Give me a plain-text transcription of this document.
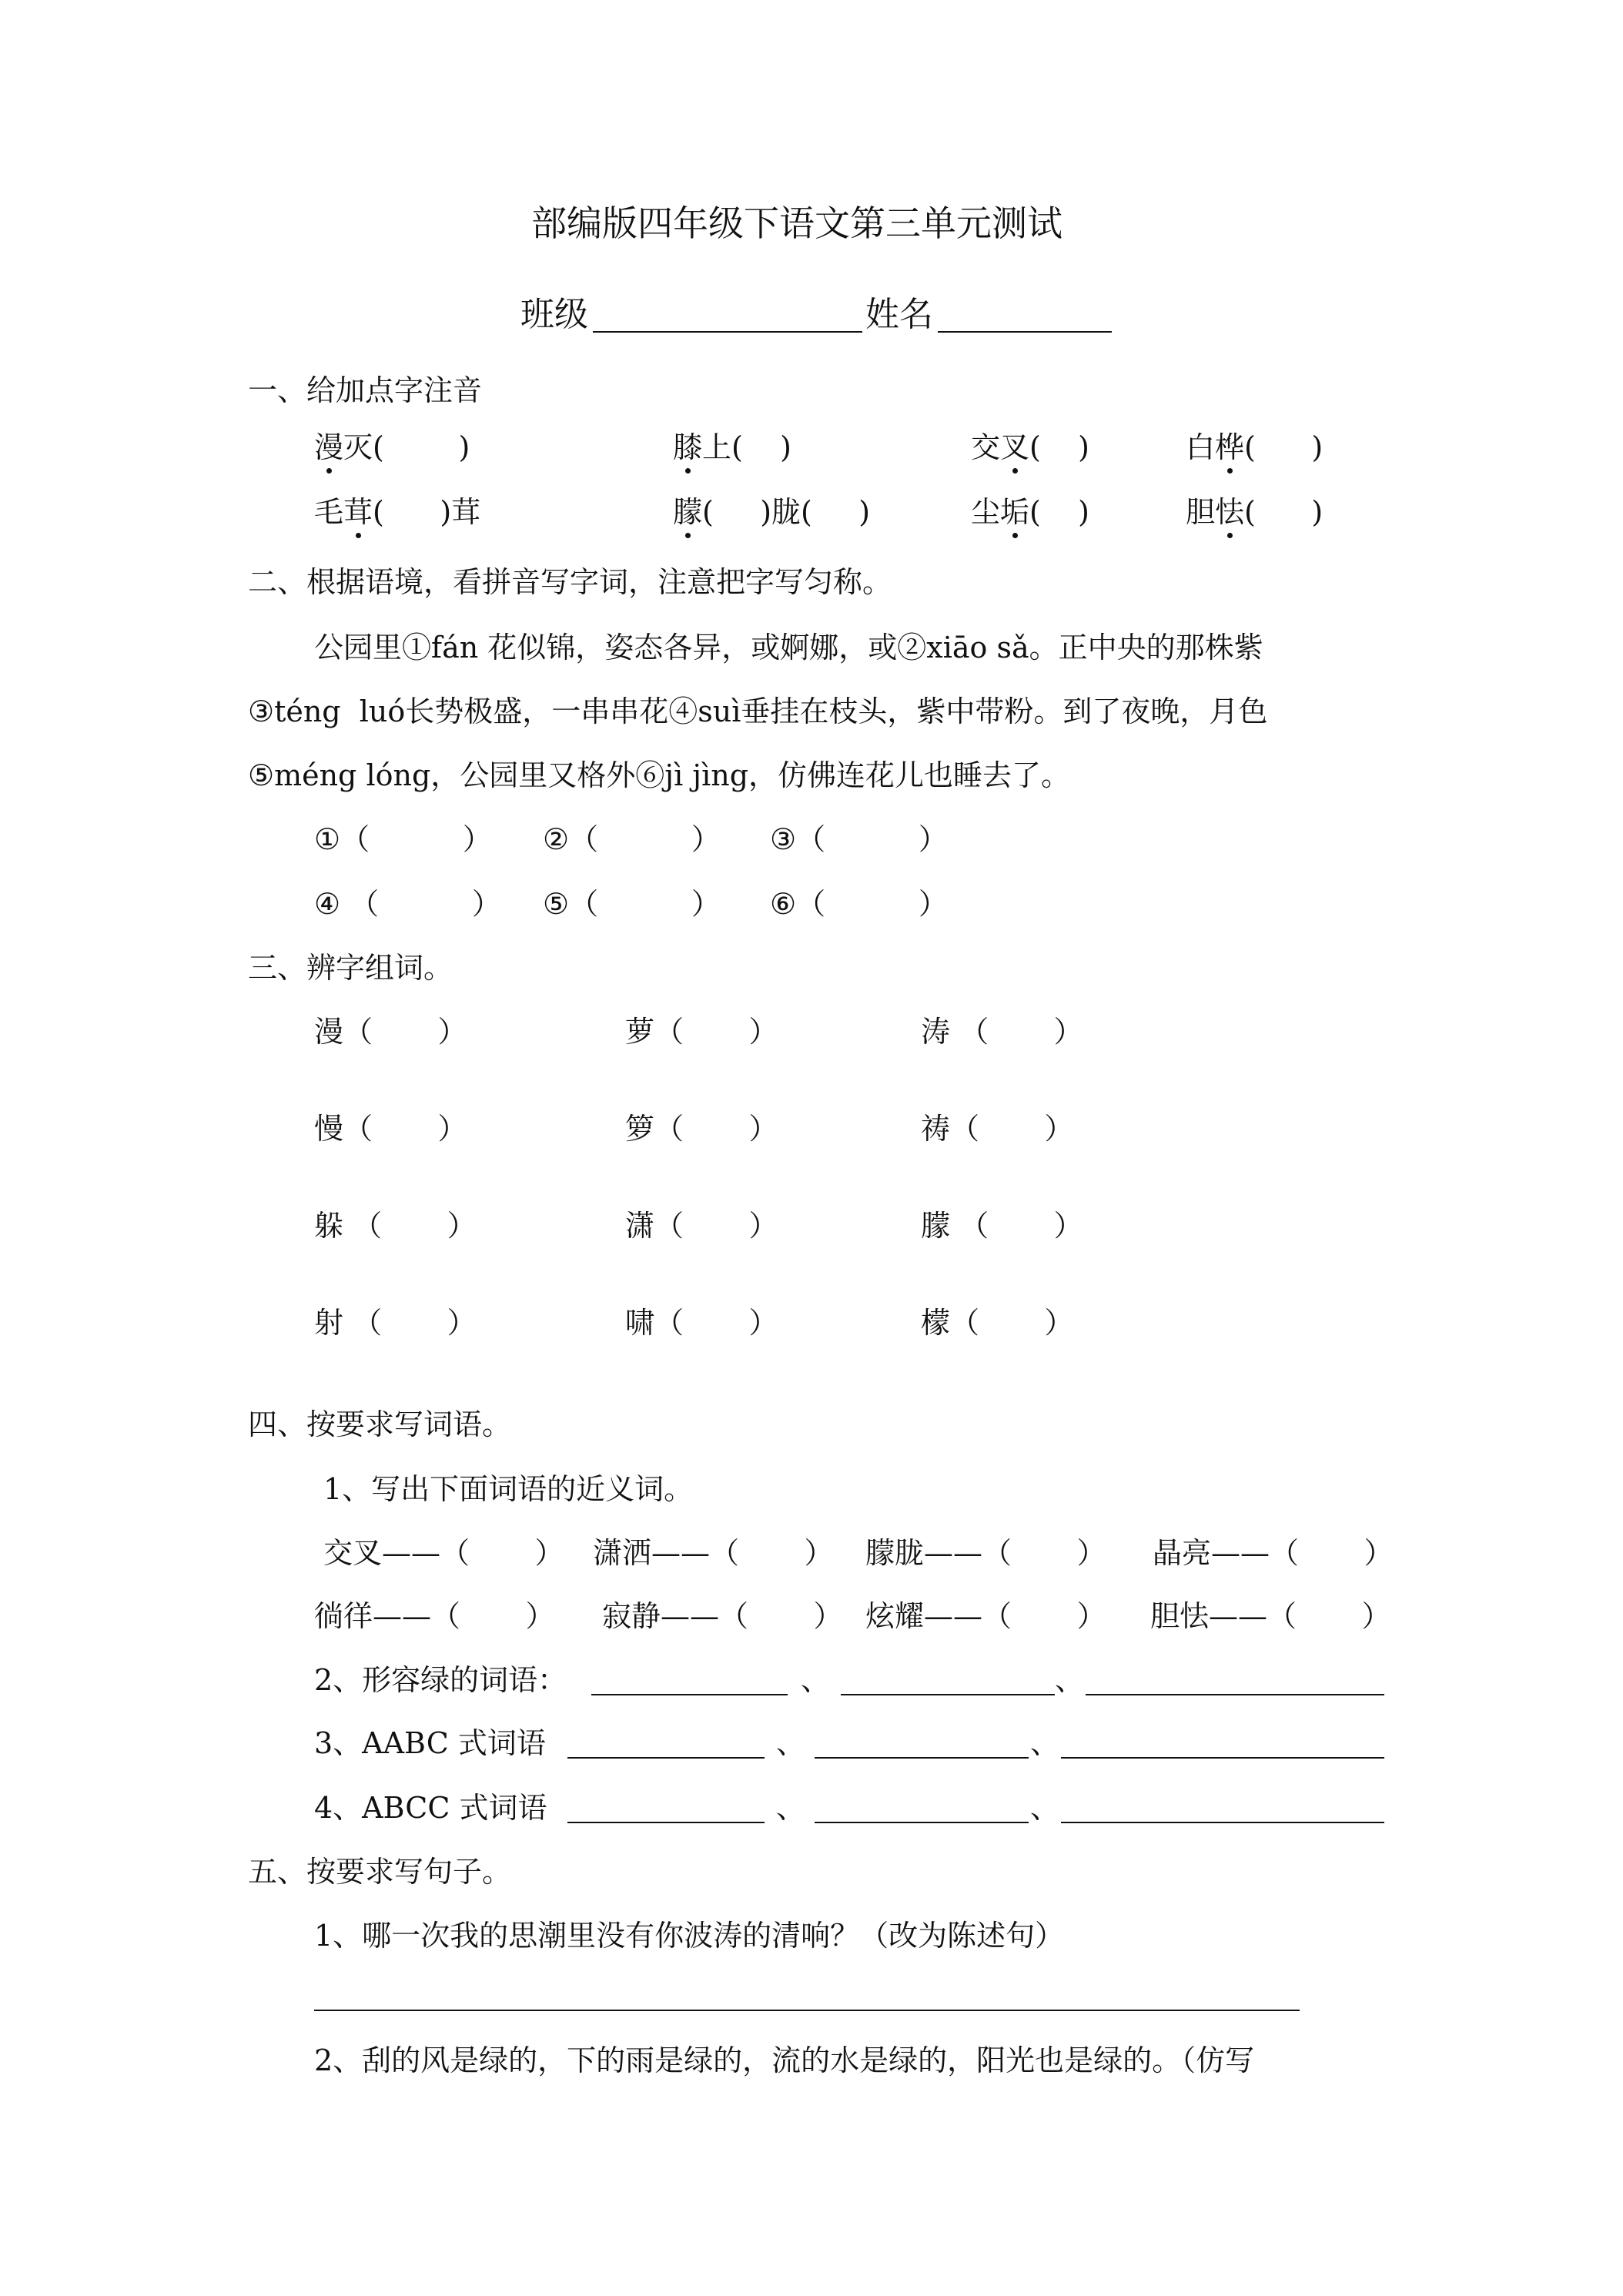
部编版四年级下语文第三单元测试
班级	姓名
一、给加点字注音
漫灭(        )	膝上(    )	交叉(    )	白桦(      )
毛茸(      )茸	朦(     )胧(     )	尘垢(    )	胆怯(      )
二、根据语境，看拼音写字词，注意把字写匀称。
公园里①fán 花似锦，姿态各异，或婀娜，或②xiāo sǎ。正中央的那株紫
③téng  luó长势极盛，一串串花④suì垂挂在枝头，紫中带粉。到了夜晚，月色
⑤méng lóng，公园里又格外⑥jì jìng，仿佛连花儿也睡去了。
①（          ） ②（          ） ③（          ）
④ （          ） ⑤（          ） ⑥（          ）
三、辨字组词。
漫（       ）	萝（       ）	涛 （       ）
慢（       ）	箩（       ）	祷（       ）
躲 （       ）	潇（       ）	朦 （       ）
射 （       ）	啸（       ）	檬（       ）
四、按要求写词语。
1、写出下面词语的近义词。
交叉——（       ） 潇洒——（       ） 朦胧——（       ） 晶亮——（       ）
徜徉——（       ） 寂静——（       ） 炫耀——（       ） 胆怯——（       ）
2、形容绿的词语：	、	、
3、AABC 式词语	、	、
4、ABCC 式词语	、	、
五、按要求写句子。
1、哪一次我的思潮里没有你波涛的清响？（改为陈述句）
2、刮的风是绿的，下的雨是绿的，流的水是绿的，阳光也是绿的。（仿写
